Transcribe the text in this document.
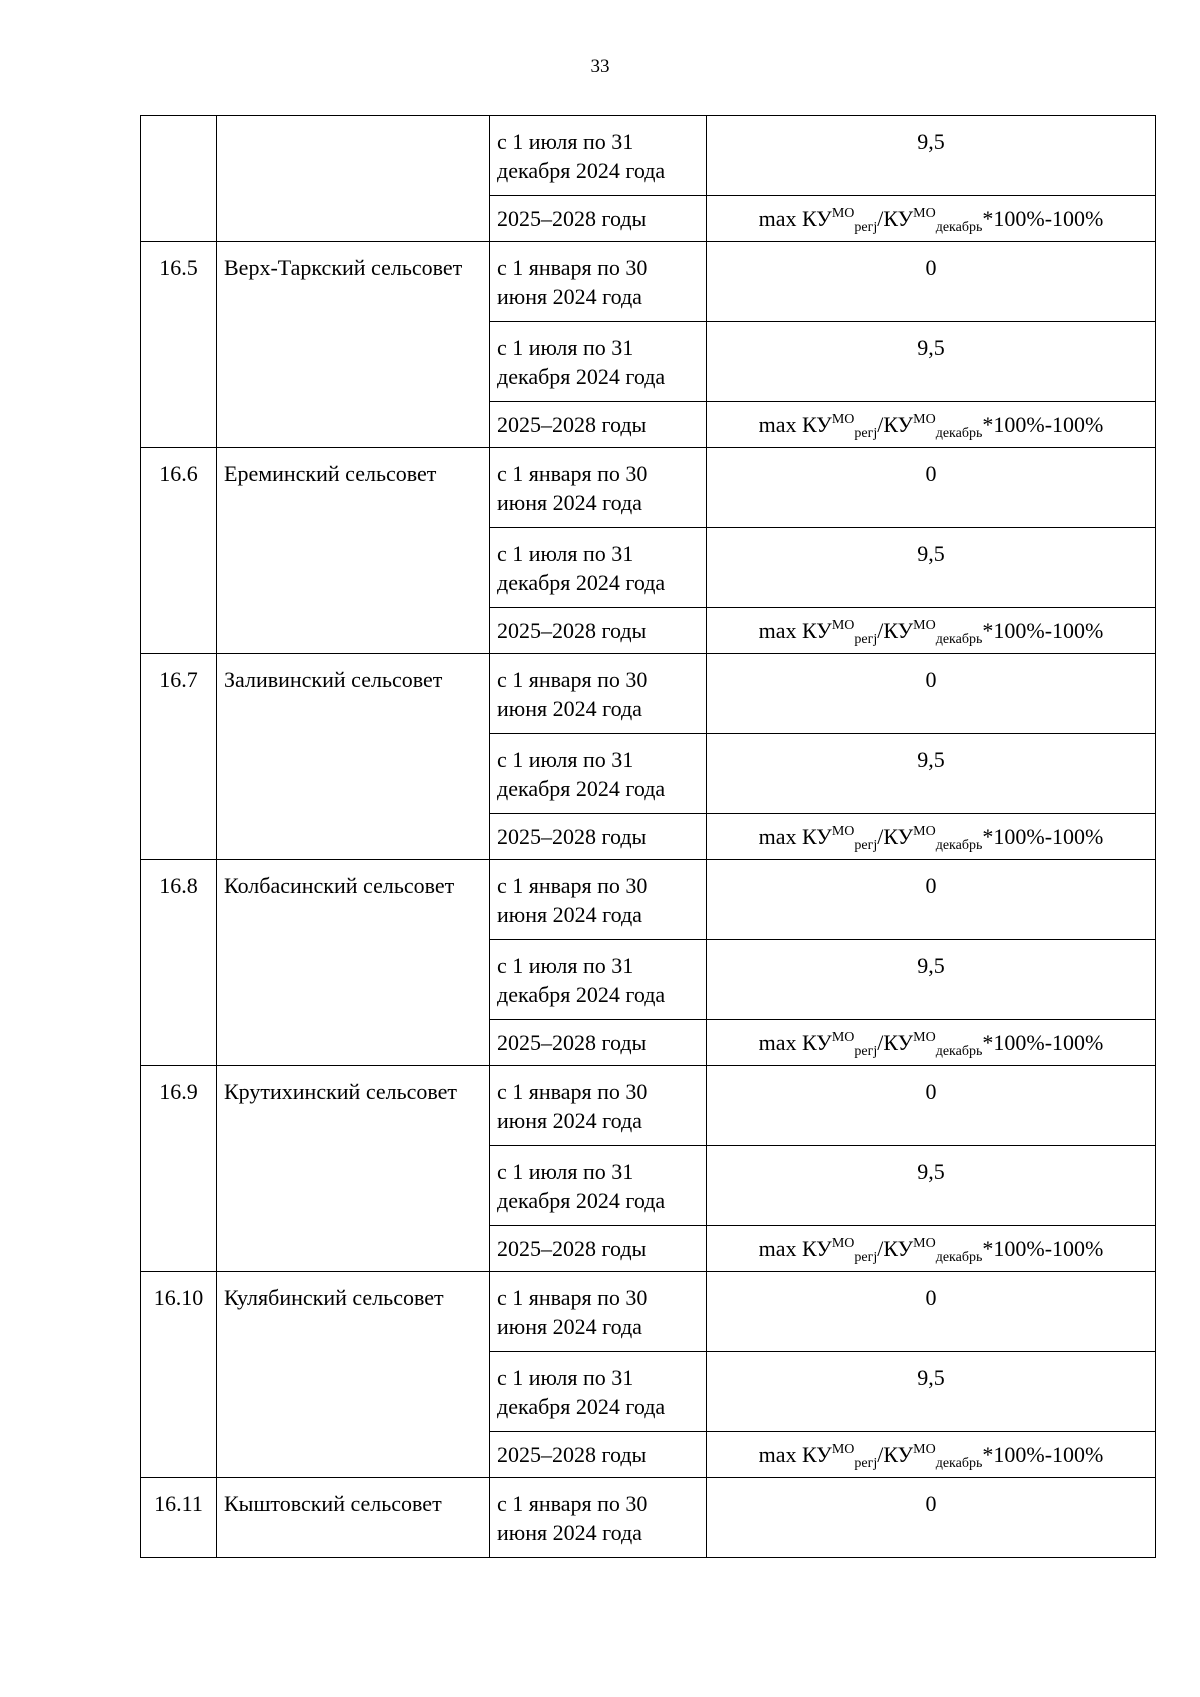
33
		с 1 июля по 31 декабря 2024 года	9,5
		2025–2028 годы	$\max КУ^{МО}_{регj}/КУ^{МО}_{декабрь}*100\%-100\%$
16.5	Верх-Таркский сельсовет	с 1 января по 30 июня 2024 года	0
		с 1 июля по 31 декабря 2024 года	9,5
		2025–2028 годы	$\max КУ^{МО}_{регj}/КУ^{МО}_{декабрь}*100\%-100\%$
16.6	Ереминский сельсовет	с 1 января по 30 июня 2024 года	0
		с 1 июля по 31 декабря 2024 года	9,5
		2025–2028 годы	$\max КУ^{МО}_{регj}/КУ^{МО}_{декабрь}*100\%-100\%$
16.7	Заливинский сельсовет	с 1 января по 30 июня 2024 года	0
		с 1 июля по 31 декабря 2024 года	9,5
		2025–2028 годы	$\max КУ^{МО}_{регj}/КУ^{МО}_{декабрь}*100\%-100\%$
16.8	Колбасинский сельсовет	с 1 января по 30 июня 2024 года	0
		с 1 июля по 31 декабря 2024 года	9,5
		2025–2028 годы	$\max КУ^{МО}_{регj}/КУ^{МО}_{декабрь}*100\%-100\%$
16.9	Крутихинский сельсовет	с 1 января по 30 июня 2024 года	0
		с 1 июля по 31 декабря 2024 года	9,5
		2025–2028 годы	$\max КУ^{МО}_{регj}/КУ^{МО}_{декабрь}*100\%-100\%$
16.10	Кулябинский сельсовет	с 1 января по 30 июня 2024 года	0
		с 1 июля по 31 декабря 2024 года	9,5
		2025–2028 годы	$\max КУ^{МО}_{регj}/КУ^{МО}_{декабрь}*100\%-100\%$
16.11	Кыштовский сельсовет	с 1 января по 30 июня 2024 года	0
